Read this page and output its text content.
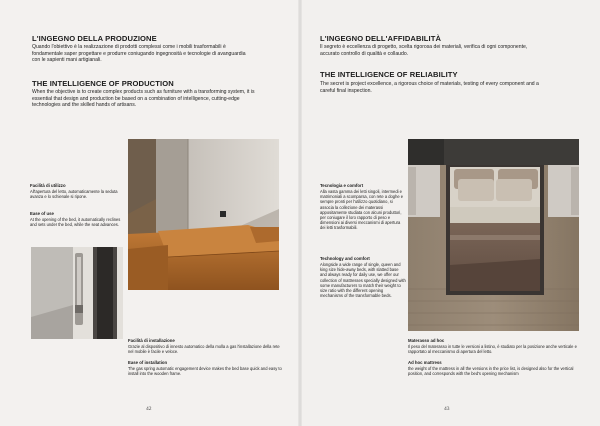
L'INGEGNO DELLA PRODUZIONE
Quando l'obiettivo è la realizzazione di prodotti complessi come i mobili trasformabili è fondamentale saper progettare e produrre coniugando ingegnosità e tecnologie di avanguardia con le sapienti mani artigianali.
THE INTELLIGENCE OF PRODUCTION
When the objective is to create complex products such as furniture with a transforming system, it is essential that design and production be based on a combination of intelligence, cutting-edge technologies and the skilled hands of artisans.
Facilità di utilizzo
All'apertura del letto, automaticamente la seduta avanza e lo schienale si ripone.
Ease of use
At the opening of the bed, it automatically reclines and sets under the bed, while the seat advances.
Facilità di installazione
Grazie al dispositivo di innesto automatico della molla a gas l'installazione della rete nel mobile è facile e veloce.
Ease of installation
The gas spring automatic engagement device makes the bed base quick and easy to install into the wooden frame.
42
L'INGEGNO DELL'AFFIDABILITÀ
Il segreto è eccellenza di progetto, scelta rigorosa dei materiali, verifica di ogni componente, accurato controllo di qualità e collaudo.
THE INTELLIGENCE OF RELIABILITY
The secret is project excellence, a rigorous choice of materials, testing of every component and a careful final inspection.
Tecnologia e comfort
Alla vasta gamma dei letti singoli, intermedi e matrimoniali a scomparsa, con rete a doghe e sempre pronti per l'utilizzo quotidiano, si associa la collezione dei materassi appositamente studiata con alcuni produttori, per coniugare il loro rapporto di peso e dimensioni ai diversi meccanismi di apertura dei letti trasformabili.
Technology and comfort
Alongside a wide range of single, queen and king size hide-away beds, with slatted base and always ready for daily use, we offer our collection of mattresses specially designed with some manufacturers to match their weight to size ratio with the different opening mechanisms of the transformable beds.
Materasso ad hoc
Il peso del materasso in tutte le versioni a listino, è studiato per la posizione anche verticale e rapportato al meccanismo di apertura del letto.
Ad hoc mattress
the weight of the mattress in all the versions in the price list, is designed also for the vertical position, and corresponds with the bed's opening mechanism
43
